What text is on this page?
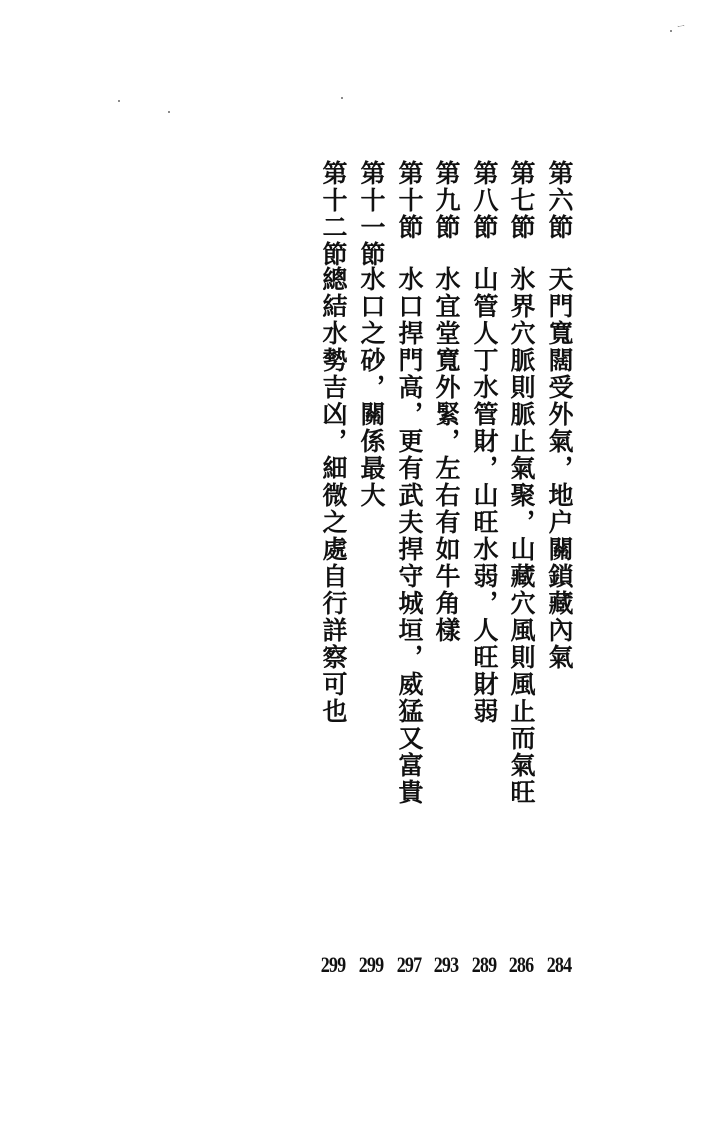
ㄧ
第六節
天門寬闊受外氣，地户關鎖藏內氣
284
第七節
氷界穴脈則脈止氣聚，山藏穴風則風止而氣旺
286
第八節
山管人丁水管財，山旺水弱，人旺財弱
289
第九節
水宜堂寬外緊，左右有如牛角樣
293
第十節
水口捍門高，更有武夫捍守城垣，威猛又富貴
297
第十一節
水口之砂，關係最大
299
第十二節
總結水勢吉凶，細微之處自行詳察可也
299
